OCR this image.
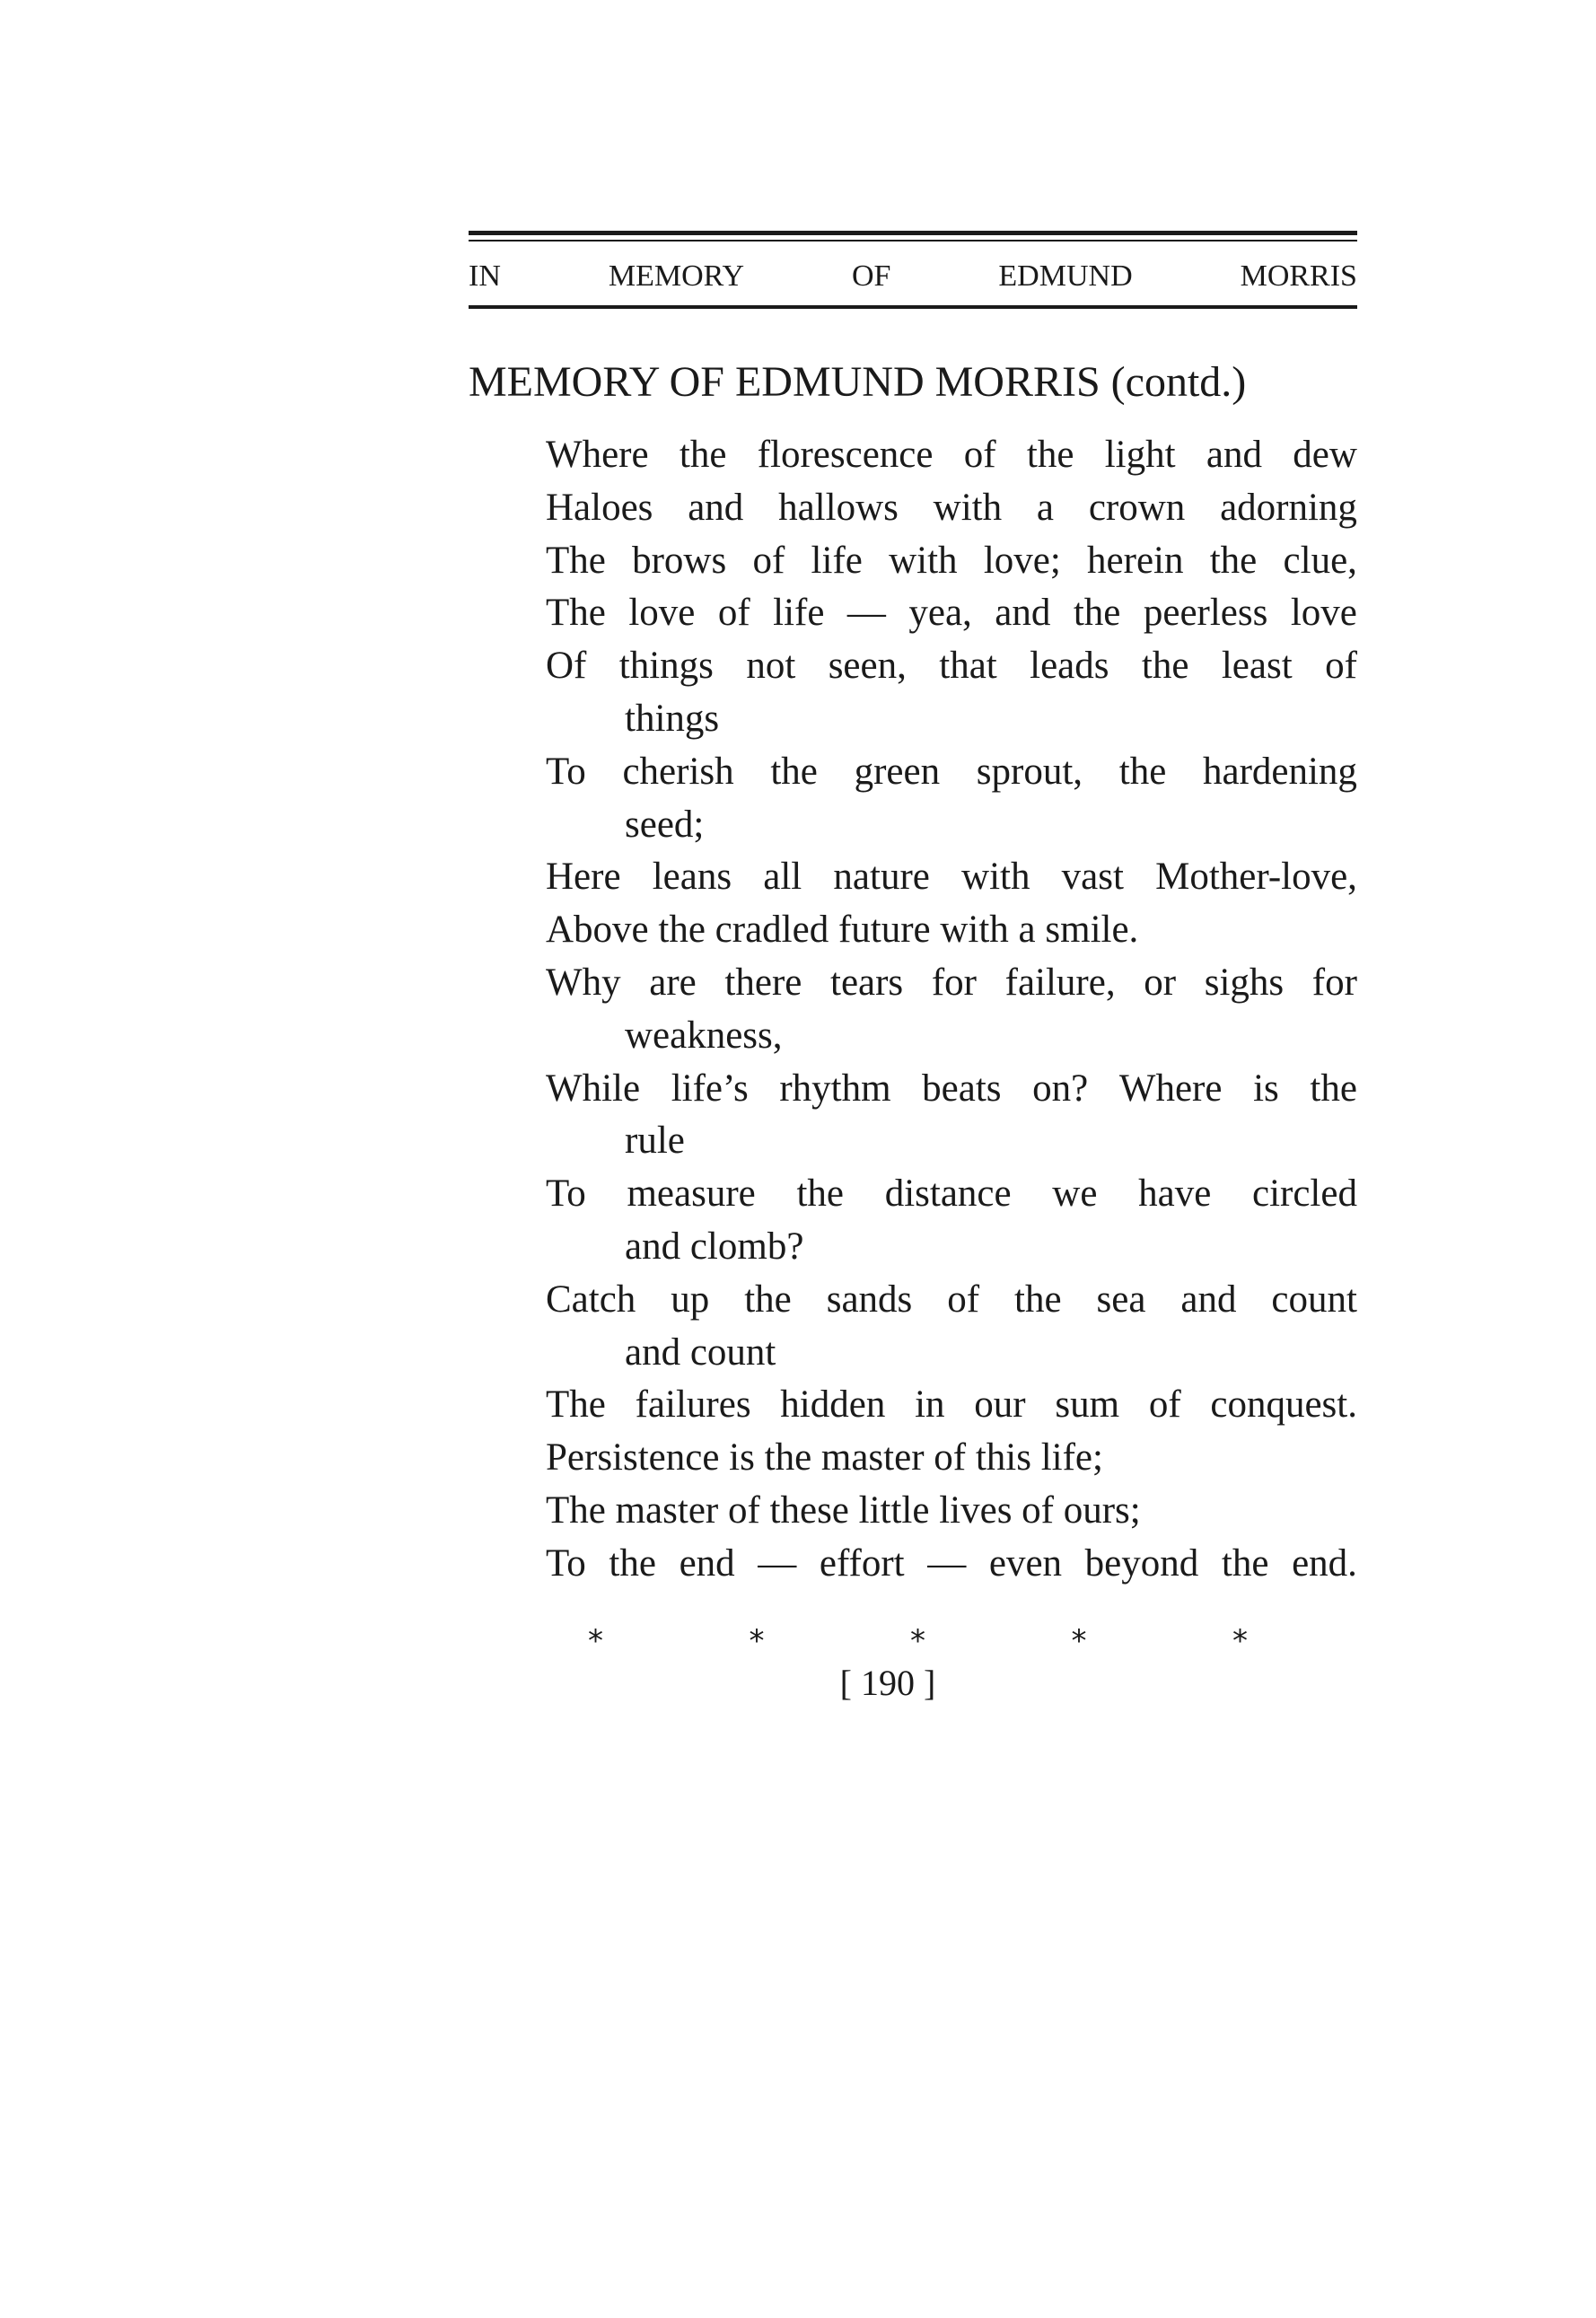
IN	MEMORY	OF	EDMUND	MORRIS
MEMORY OF EDMUND MORRIS (contd.)
Where the florescence of the light and dew
Haloes and hallows with a crown adorning
The brows of life with love; herein the clue,
The love of life — yea, and the peerless love
Of things not seen, that leads the least of
things
To cherish the green sprout, the hardening
seed;
Here leans all nature with vast Mother-love,
Above the cradled future with a smile.
Why are there tears for failure, or sighs for
weakness,
While life’s rhythm beats on? Where is the
rule
To measure the distance we have circled
and clomb?
Catch up the sands of the sea and count
and count
The failures hidden in our sum of conquest.
Persistence is the master of this life;
The master of these little lives of ours;
To the end — effort — even beyond the end.
*	*	*	*	*
[ 190 ]
